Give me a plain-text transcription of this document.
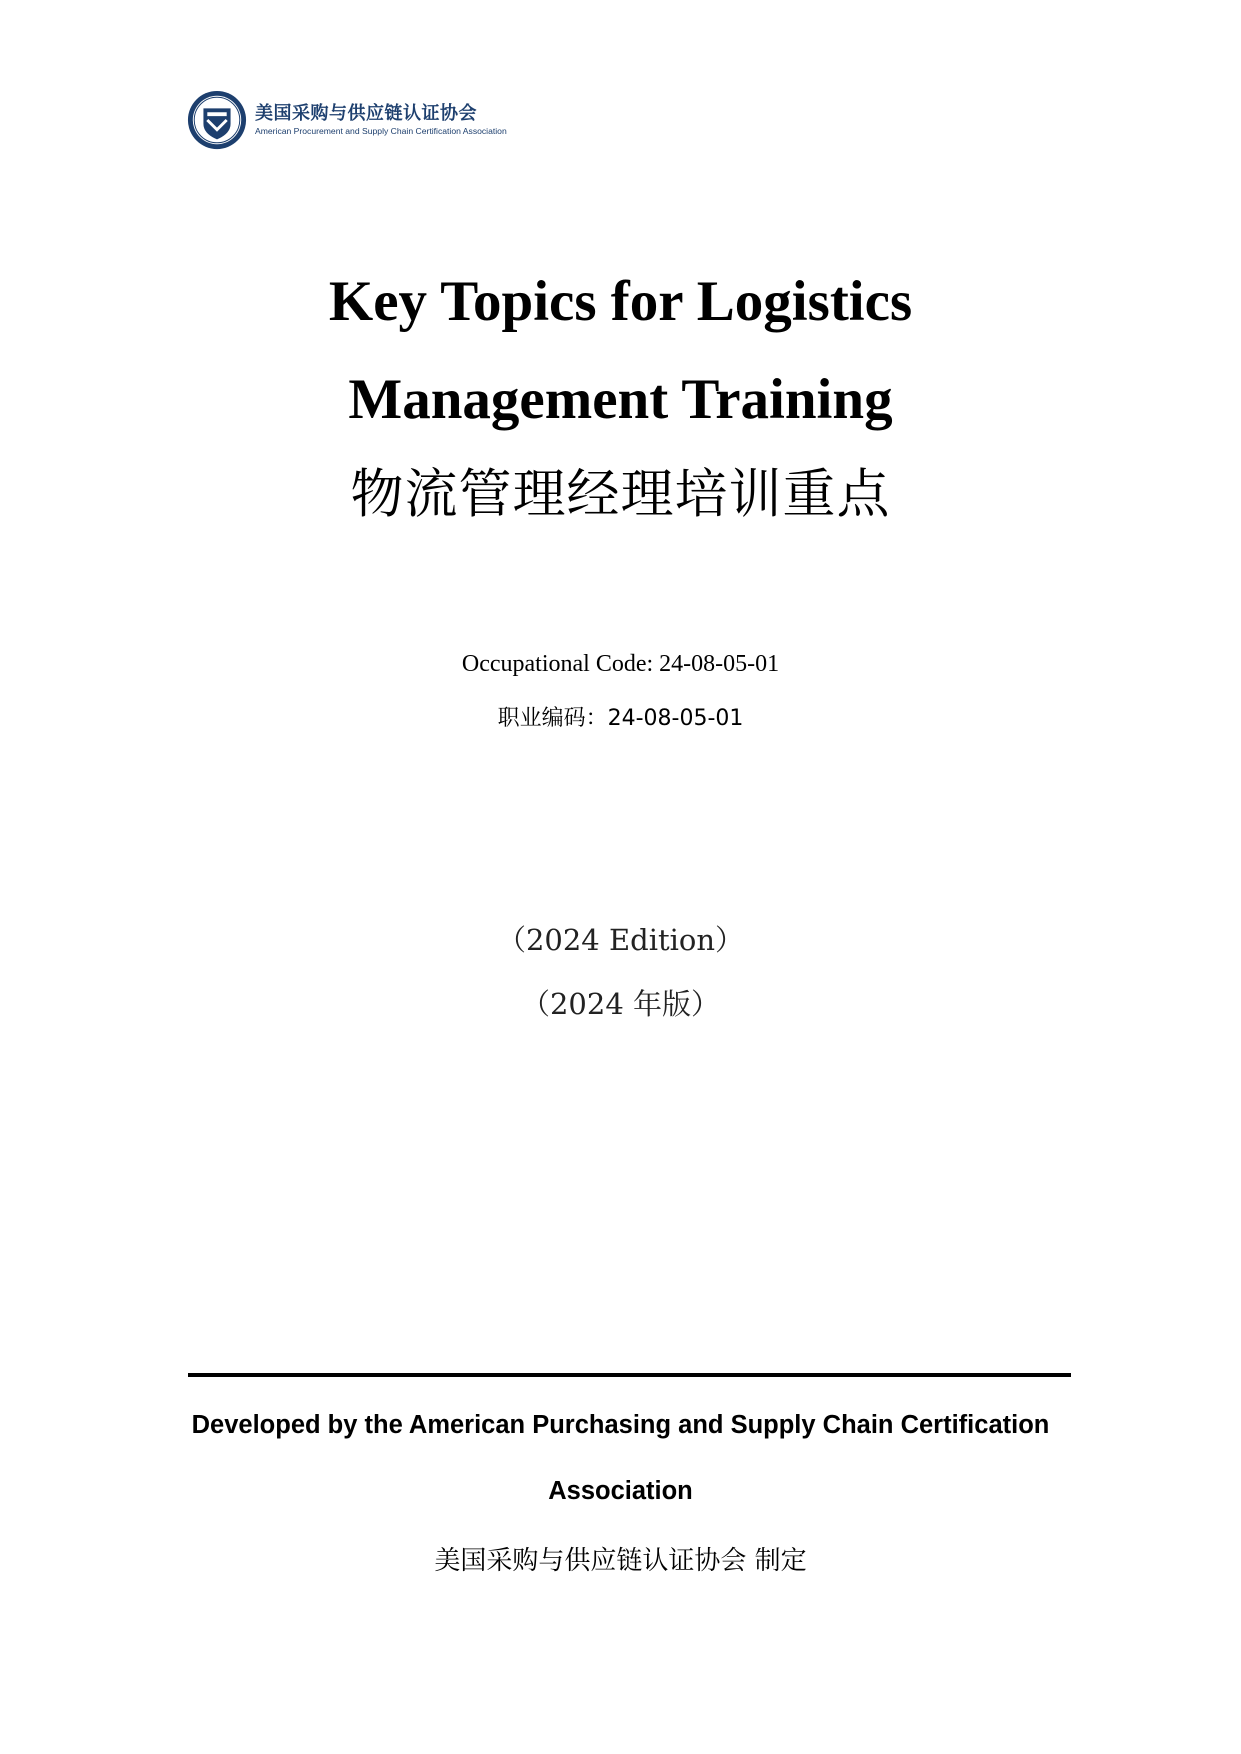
美国采购与供应链认证协会
American Procurement and Supply Chain Certification Association
Key Topics for Logistics
Management Training
物流管理经理培训重点
Occupational Code: 24-08-05-01
职业编码：24-08-05-01
（2024 Edition）
（2024 年版）
Developed by the American Purchasing and Supply Chain Certification
Association
美国采购与供应链认证协会 制定
